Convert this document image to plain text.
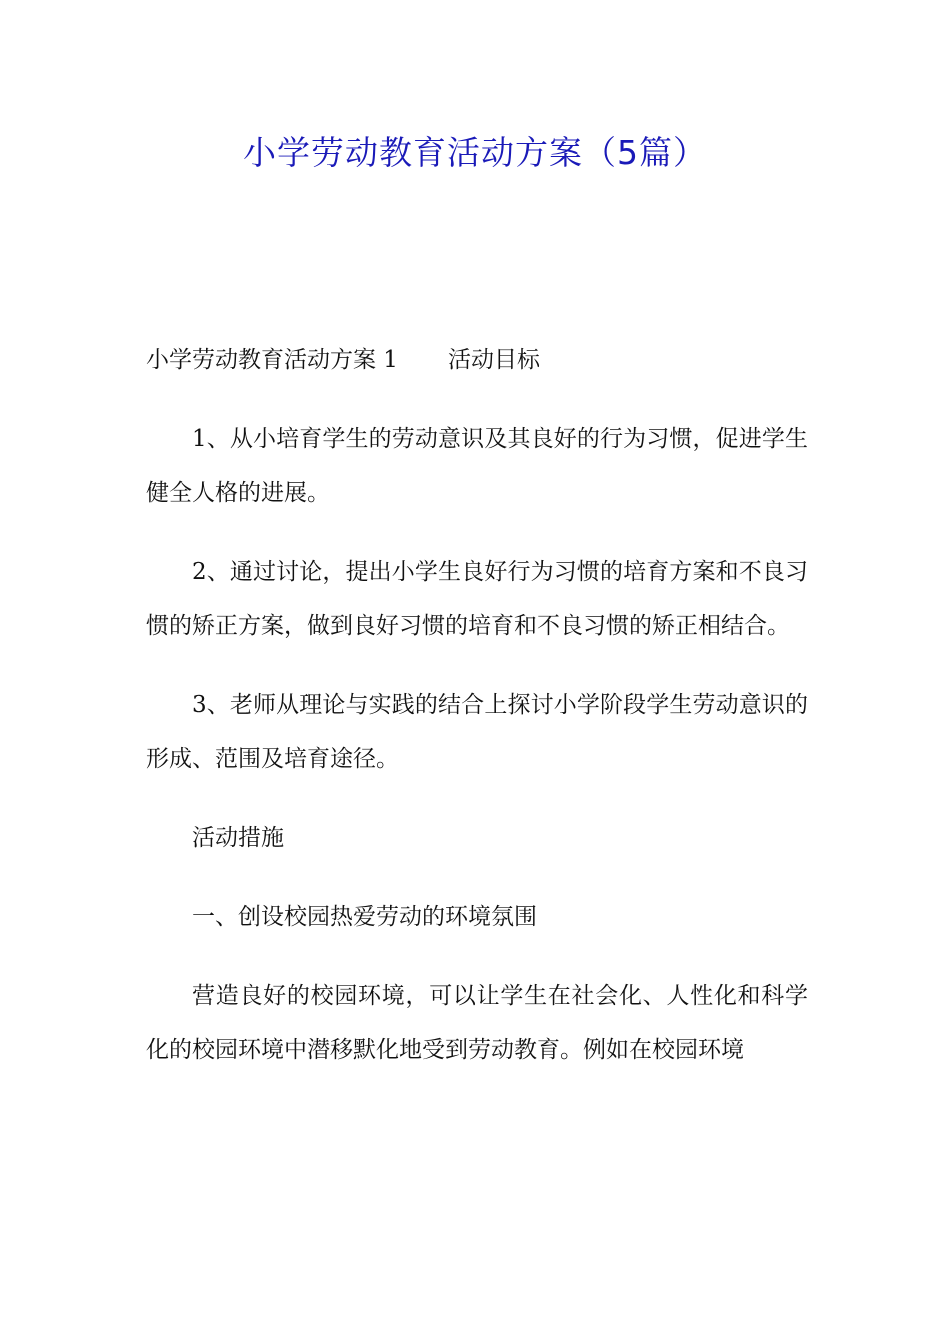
小学劳动教育活动方案（5篇）

小学劳动教育活动方案 1 活动目标

1、从小培育学生的劳动意识及其良好的行为习惯，促进学生健全人格的进展。

2、通过讨论，提出小学生良好行为习惯的培育方案和不良习惯的矫正方案，做到良好习惯的培育和不良习惯的矫正相结合。

3、老师从理论与实践的结合上探讨小学阶段学生劳动意识的形成、范围及培育途径。

活动措施

一、创设校园热爱劳动的环境氛围

营造良好的校园环境，可以让学生在社会化、人性化和科学化的校园环境中潜移默化地受到劳动教育。例如在校园环境
